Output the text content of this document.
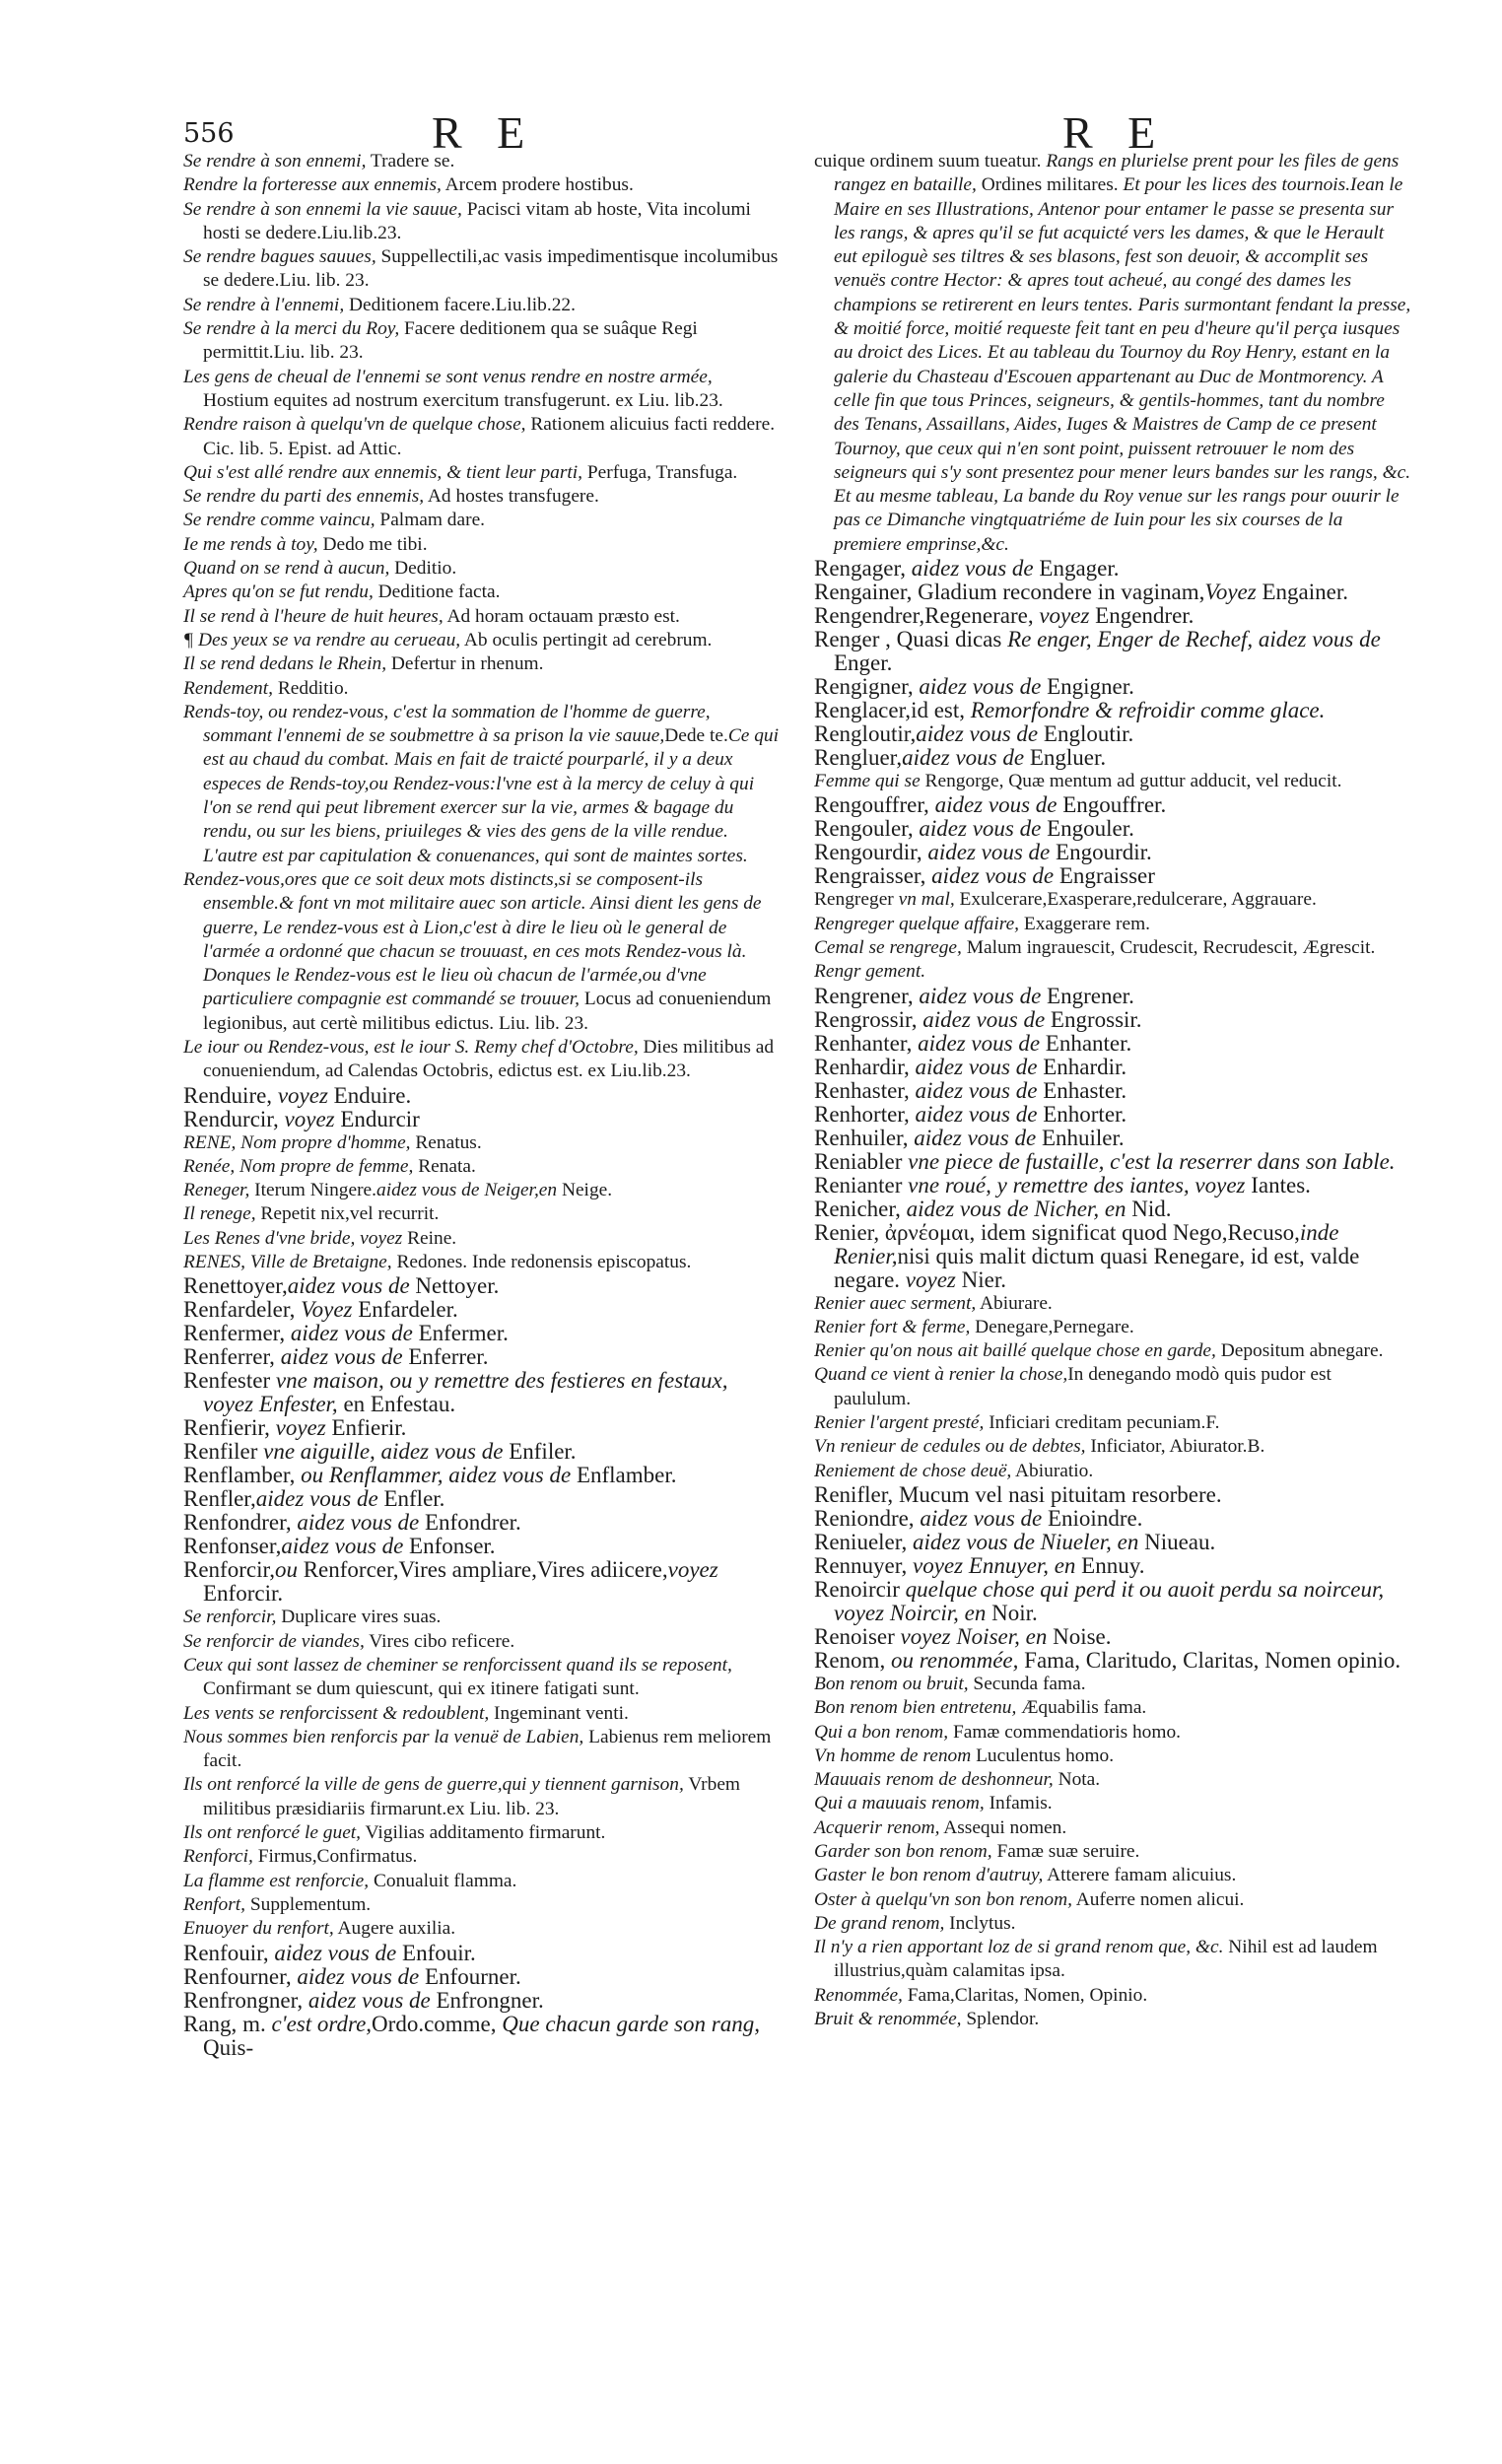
556	R E	R E
Se rendre à son ennemi, Tradere se.
Rendre la forteresse aux ennemis, Arcem prodere hostibus.
Se rendre à son ennemi la vie sauue, Pacisci vitam ab hoste, Vita incolumi hosti se dedere.Liu.lib.23.
Se rendre bagues sauues, Suppellectili,ac vasis impedimentisque incolumibus se dedere.Liu. lib. 23.
Se rendre à l'ennemi, Deditionem facere.Liu.lib.22.
Se rendre à la merci du Roy, Facere deditionem qua se suâque Regi permittit.Liu. lib. 23.
Les gens de cheual de l'ennemi se sont venus rendre en nostre armée, Hostium equites ad nostrum exercitum transfugerunt. ex Liu. lib.23.
Rendre raison à quelqu'vn de quelque chose, Rationem alicuius facti reddere. Cic. lib. 5. Epist. ad Attic.
Qui s'est allé rendre aux ennemis, & tient leur parti, Perfuga, Transfuga.
Se rendre du parti des ennemis, Ad hostes transfugere.
Se rendre comme vaincu, Palmam dare.
Ie me rends à toy, Dedo me tibi.
Quand on se rend à aucun, Deditio.
Apres qu'on se fut rendu, Deditione facta.
Il se rend à l'heure de huit heures, Ad horam octauam præsto est.
¶ Des yeux se va rendre au cerueau, Ab oculis pertingit ad cerebrum.
Il se rend dedans le Rhein, Defertur in rhenum.
Rendement, Redditio.
Rends-toy, ou rendez-vous, c'est la sommation de l'homme de guerre, sommant l'ennemi de se soubmettre à sa prison la vie sauue,Dede te.Ce qui est au chaud du combat. Mais en fait de traicté pourparlé, il y a deux especes de Rends-toy,ou Rendez-vous:l'vne est à la mercy de celuy à qui l'on se rend qui peut librement exercer sur la vie, armes & bagage du rendu, ou sur les biens, priuileges & vies des gens de la ville rendue. L'autre est par capitulation & conuenances, qui sont de maintes sortes.
Rendez-vous,ores que ce soit deux mots distincts,si se composent-ils ensemble.& font vn mot militaire auec son article. Ainsi dient les gens de guerre, Le rendez-vous est à Lion,c'est à dire le lieu où le general de l'armée a ordonné que chacun se trouuast, en ces mots Rendez-vous là. Donques le Rendez-vous est le lieu où chacun de l'armée,ou d'vne particuliere compagnie est commandé se trouuer, Locus ad conueniendum legionibus, aut certè militibus edictus. Liu. lib. 23.
Le iour ou Rendez-vous, est le iour S. Remy chef d'Octobre, Dies militibus ad conueniendum, ad Calendas Octobris, edictus est. ex Liu.lib.23.
Renduire, voyez Enduire.
Rendurcir, voyez Endurcir
RENE, Nom propre d'homme, Renatus.
Renée, Nom propre de femme, Renata.
Reneger, Iterum Ningere.aidez vous de Neiger,en Neige.
Il renege, Repetit nix,vel recurrit.
Les Renes d'vne bride, voyez Reine.
RENES, Ville de Bretaigne, Redones. Inde redonensis episcopatus.
Renettoyer,aidez vous de Nettoyer.
Renfardeler, Voyez Enfardeler.
Renfermer, aidez vous de Enfermer.
Renferrer, aidez vous de Enferrer.
Renfester vne maison, ou y remettre des festieres en festaux, voyez Enfester, en Enfestau.
Renfierir, voyez Enfierir.
Renfiler vne aiguille, aidez vous de Enfiler.
Renflamber, ou Renflammer, aidez vous de Enflamber.
Renfler,aidez vous de Enfler.
Renfondrer, aidez vous de Enfondrer.
Renfonser,aidez vous de Enfonser.
Renforcir,ou Renforcer,Vires ampliare,Vires adiicere,voyez Enforcir.
Se renforcir, Duplicare vires suas.
Se renforcir de viandes, Vires cibo reficere.
Ceux qui sont lassez de cheminer se renforcissent quand ils se reposent, Confirmant se dum quiescunt, qui ex itinere fatigati sunt.
Les vents se renforcissent & redoublent, Ingeminant venti.
Nous sommes bien renforcis par la venuë de Labien, Labienus rem meliorem facit.
Ils ont renforcé la ville de gens de guerre,qui y tiennent garnison, Vrbem militibus præsidiariis firmarunt.ex Liu. lib. 23.
Ils ont renforcé le guet, Vigilias additamento firmarunt.
Renforci, Firmus,Confirmatus.
La flamme est renforcie, Conualuit flamma.
Renfort, Supplementum.
Enuoyer du renfort, Augere auxilia.
Renfouir, aidez vous de Enfouir.
Renfourner, aidez vous de Enfourner.
Renfrongner, aidez vous de Enfrongner.
Rang, m. c'est ordre,Ordo.comme, Que chacun garde son rang, Quis-
cuique ordinem suum tueatur. Rangs en plurielse prent pour les files de gens rangez en bataille, Ordines militares. Et pour les lices des tournois.Iean le Maire en ses Illustrations, Antenor pour entamer le passe se presenta sur les rangs, & apres qu'il se fut acquicté vers les dames, & que le Herault eut epiloguè ses tiltres & ses blasons, fest son deuoir, & accomplit ses venuës contre Hector: & apres tout acheué, au congé des dames les champions se retirerent en leurs tentes. Paris surmontant fendant la presse, & moitié force, moitié requeste feit tant en peu d'heure qu'il perça iusques au droict des Lices. Et au tableau du Tournoy du Roy Henry, estant en la galerie du Chasteau d'Escouen appartenant au Duc de Montmorency. A celle fin que tous Princes, seigneurs, & gentils-hommes, tant du nombre des Tenans, Assaillans, Aides, Iuges & Maistres de Camp de ce present Tournoy, que ceux qui n'en sont point, puissent retrouuer le nom des seigneurs qui s'y sont presentez pour mener leurs bandes sur les rangs, &c. Et au mesme tableau, La bande du Roy venue sur les rangs pour ouurir le pas ce Dimanche vingtquatriéme de Iuin pour les six courses de la premiere emprinse,&c.
Rengager, aidez vous de Engager.
Rengainer, Gladium recondere in vaginam,Voyez Engainer.
Rengendrer,Regenerare, voyez Engendrer.
Renger , Quasi dicas Re enger, Enger de Rechef, aidez vous de Enger.
Rengigner, aidez vous de Engigner.
Renglacer,id est, Remorfondre & refroidir comme glace.
Rengloutir,aidez vous de Engloutir.
Rengluer,aidez vous de Engluer.
Femme qui se Rengorge, Quæ mentum ad guttur adducit, vel reducit.
Rengouffrer, aidez vous de Engouffrer.
Rengouler, aidez vous de Engouler.
Rengourdir, aidez vous de Engourdir.
Rengraisser, aidez vous de Engraisser
Rengreger vn mal, Exulcerare,Exasperare,redulcerare, Aggrauare.
Rengreger quelque affaire, Exaggerare rem.
Cemal se rengrege, Malum ingrauescit, Crudescit, Recrudescit, Ægrescit.
Rengr gement.
Rengrener, aidez vous de Engrener.
Rengrossir, aidez vous de Engrossir.
Renhanter, aidez vous de Enhanter.
Renhardir, aidez vous de Enhardir.
Renhaster, aidez vous de Enhaster.
Renhorter, aidez vous de Enhorter.
Renhuiler, aidez vous de Enhuiler.
Reniabler vne piece de fustaille, c'est la reserrer dans son Iable.
Renianter vne roué, y remettre des iantes, voyez Iantes.
Renicher, aidez vous de Nicher, en Nid.
Renier, ἀρνέομαι, idem significat quod Nego,Recuso,inde Renier,nisi quis malit dictum quasi Renegare, id est, valde negare. voyez Nier.
Renier auec serment, Abiurare.
Renier fort & ferme, Denegare,Pernegare.
Renier qu'on nous ait baillé quelque chose en garde, Depositum abnegare.
Quand ce vient à renier la chose,In denegando modò quis pudor est paululum.
Renier l'argent presté, Inficiari creditam pecuniam.F.
Vn renieur de cedules ou de debtes, Inficiator, Abiurator.B.
Reniement de chose deuë, Abiuratio.
Renifler, Mucum vel nasi pituitam resorbere.
Reniondre, aidez vous de Enioindre.
Reniueler, aidez vous de Niueler, en Niueau.
Rennuyer, voyez Ennuyer, en Ennuy.
Renoircir quelque chose qui perd it ou auoit perdu sa noirceur, voyez Noircir, en Noir.
Renoiser voyez Noiser, en Noise.
Renom, ou renommée, Fama, Claritudo, Claritas, Nomen opinio.
Bon renom ou bruit, Secunda fama.
Bon renom bien entretenu, Æquabilis fama.
Qui a bon renom, Famæ commendatioris homo.
Vn homme de renom Luculentus homo.
Mauuais renom de deshonneur, Nota.
Qui a mauuais renom, Infamis.
Acquerir renom, Assequi nomen.
Garder son bon renom, Famæ suæ seruire.
Gaster le bon renom d'autruy, Atterere famam alicuius.
Oster à quelqu'vn son bon renom, Auferre nomen alicui.
De grand renom, Inclytus.
Il n'y a rien apportant loz de si grand renom que, &c. Nihil est ad laudem illustrius,quàm calamitas ipsa.
Renommée, Fama,Claritas, Nomen, Opinio.
Bruit & renommée, Splendor.
